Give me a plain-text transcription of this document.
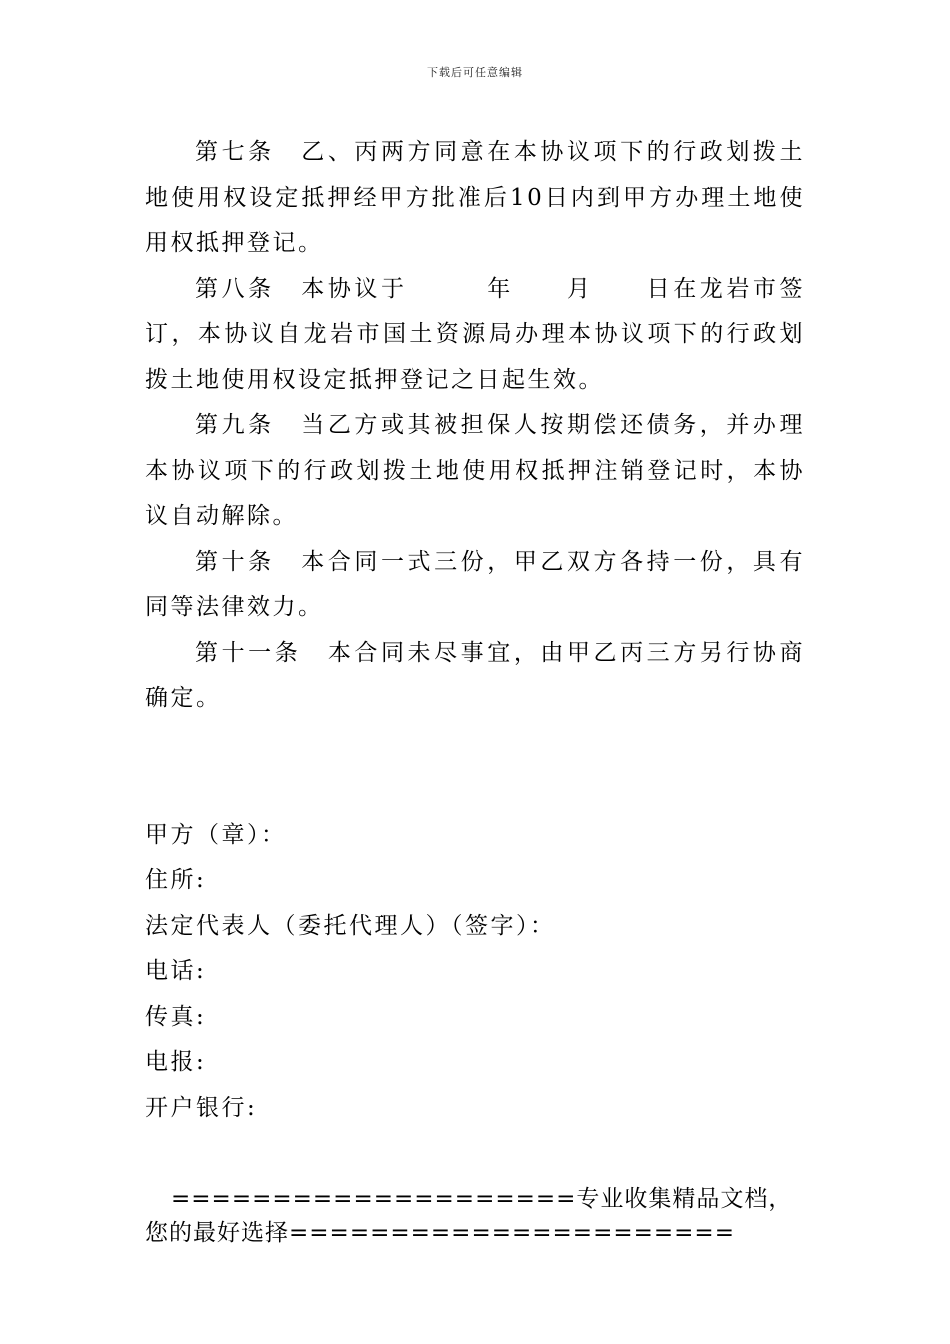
下载后可任意编辑

第七条　乙、丙两方同意在本协议项下的行政划拨土地使用权设定抵押经甲方批准后10日内到甲方办理土地使用权抵押登记。

第八条　本协议于　　　年　　月　　日在龙岩市签订，本协议自龙岩市国土资源局办理本协议项下的行政划拨土地使用权设定抵押登记之日起生效。

第九条　当乙方或其被担保人按期偿还债务，并办理本协议项下的行政划拨土地使用权抵押注销登记时，本协议自动解除。

第十条　本合同一式三份，甲乙双方各持一份，具有同等法律效力。

第十一条　本合同未尽事宜，由甲乙丙三方另行协商确定。

甲方（章）：

住所:

法定代表人（委托代理人）（签字）：

电话:

传真:

电报:

开户银行:

====================专业收集精品文档，您的最好选择======================
